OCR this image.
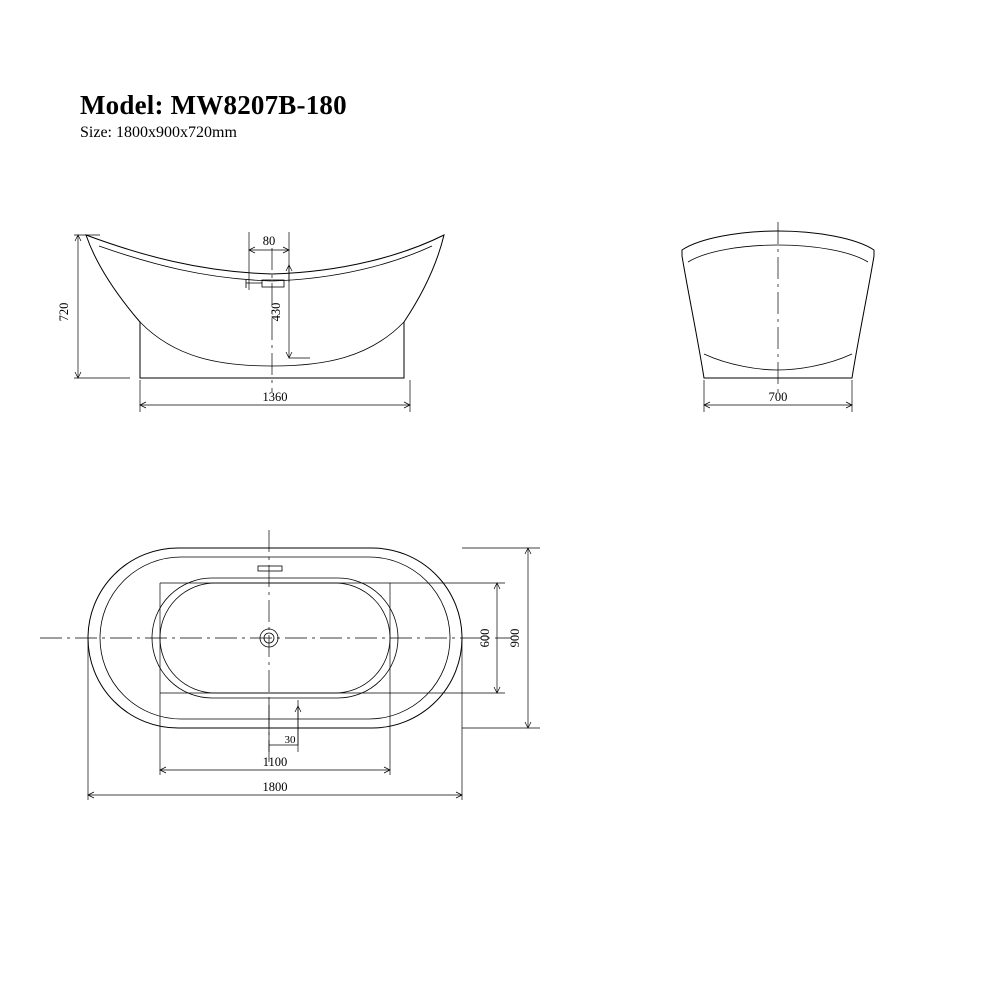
Model: MW8207B-180
Size: 1800x900x720mm
720
1360
80
430
700
900
600
1100
1800
30
